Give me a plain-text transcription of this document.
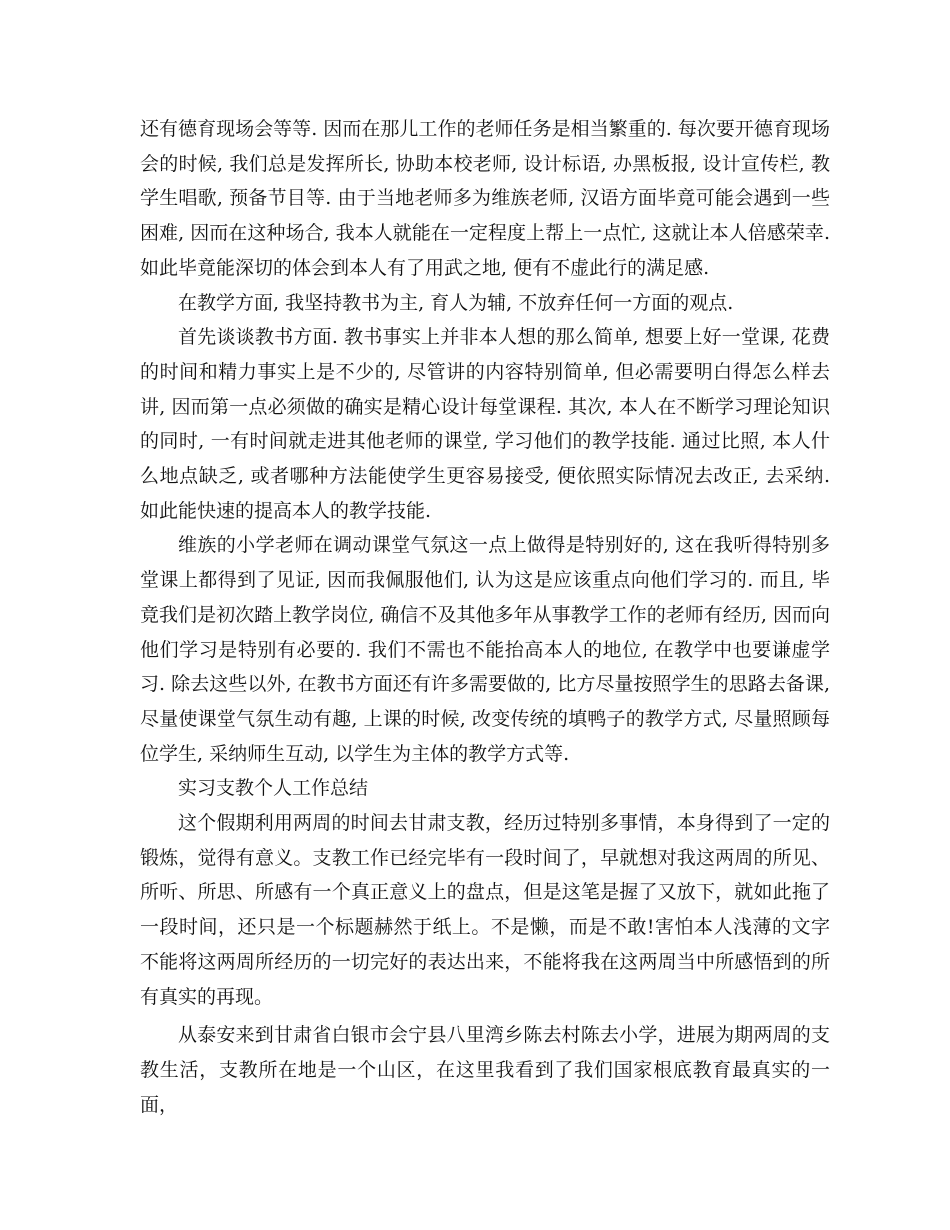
还有德育现场会等等. 因而在那儿工作的老师任务是相当繁重的. 每次要开德育现场会的时候, 我们总是发挥所长, 协助本校老师, 设计标语, 办黑板报, 设计宣传栏, 教学生唱歌, 预备节目等. 由于当地老师多为维族老师, 汉语方面毕竟可能会遇到一些困难, 因而在这种场合, 我本人就能在一定程度上帮上一点忙, 这就让本人倍感荣幸. 如此毕竟能深切的体会到本人有了用武之地, 便有不虚此行的满足感.

在教学方面, 我坚持教书为主, 育人为辅, 不放弃任何一方面的观点.

首先谈谈教书方面. 教书事实上并非本人想的那么简单, 想要上好一堂课, 花费的时间和精力事实上是不少的, 尽管讲的内容特别简单, 但必需要明白得怎么样去讲, 因而第一点必须做的确实是精心设计每堂课程. 其次, 本人在不断学习理论知识的同时, 一有时间就走进其他老师的课堂, 学习他们的教学技能. 通过比照, 本人什么地点缺乏, 或者哪种方法能使学生更容易接受, 便依照实际情况去改正, 去采纳. 如此能快速的提高本人的教学技能.

维族的小学老师在调动课堂气氛这一点上做得是特别好的, 这在我听得特别多堂课上都得到了见证, 因而我佩服他们, 认为这是应该重点向他们学习的. 而且, 毕竟我们是初次踏上教学岗位, 确信不及其他多年从事教学工作的老师有经历, 因而向他们学习是特别有必要的. 我们不需也不能抬高本人的地位, 在教学中也要谦虚学习. 除去这些以外, 在教书方面还有许多需要做的, 比方尽量按照学生的思路去备课, 尽量使课堂气氛生动有趣, 上课的时候, 改变传统的填鸭子的教学方式, 尽量照顾每位学生, 采纳师生互动, 以学生为主体的教学方式等.

实习支教个人工作总结

这个假期利用两周的时间去甘肃支教，经历过特别多事情，本身得到了一定的锻炼，觉得有意义。支教工作已经完毕有一段时间了，早就想对我这两周的所见、所听、所思、所感有一个真正意义上的盘点，但是这笔是握了又放下，就如此拖了一段时间，还只是一个标题赫然于纸上。不是懒，而是不敢!害怕本人浅薄的文字不能将这两周所经历的一切完好的表达出来，不能将我在这两周当中所感悟到的所有真实的再现。

从泰安来到甘肃省白银市会宁县八里湾乡陈去村陈去小学，进展为期两周的支教生活，支教所在地是一个山区，在这里我看到了我们国家根底教育最真实的一面，
